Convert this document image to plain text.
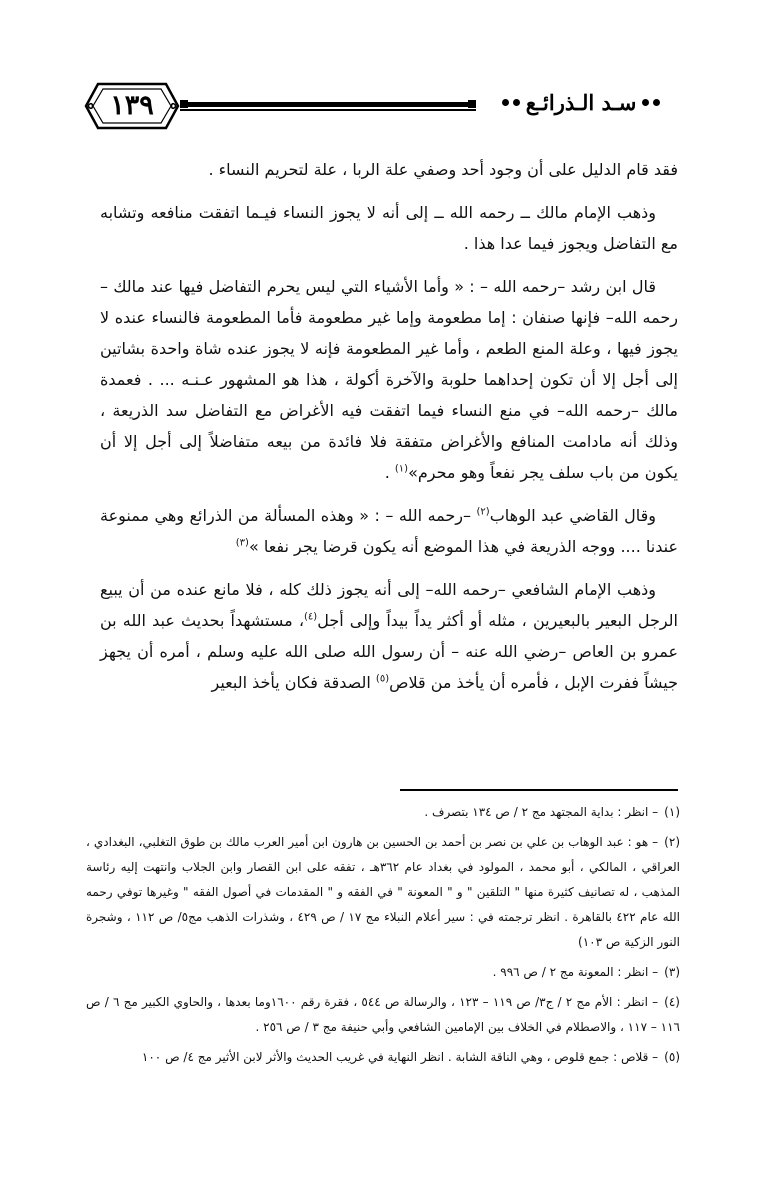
١٣٩	سـد الـذرائـع

فقد قام الدليل على أن وجود أحد وصفي علة الربا ، علة لتحريم النساء .

وذهب الإمام مالك ــ رحمه الله ــ إلى أنه لا يجوز النساء فيـما اتفقت منافعه وتشابه مع التفاضل ويجوز فيما عدا هذا .

قال ابن رشد –رحمه الله – : « وأما الأشياء التي ليس يحرم التفاضل فيها عند مالك –رحمه الله– فإنها صنفان : إما مطعومة وإما غير مطعومة فأما المطعومة فالنساء عنده لا يجوز فيها ، وعلة المنع الطعم ، وأما غير المطعومة فإنه لا يجوز عنده شاة واحدة بشاتين إلى أجل إلا أن تكون إحداهما حلوبة والآخرة أكولة ، هذا هو المشهور عـنـه ... . فعمدة مالك –رحمه الله– في منع النساء فيما اتفقت فيه الأغراض مع التفاضل سد الذريعة ، وذلك أنه مادامت المنافع والأغراض متفقة فلا فائدة من بيعه متفاضلاً إلى أجل إلا أن يكون من باب سلف يجر نفعاً وهو محرم»$^{(١)}$ .

وقال القاضي عبد الوهاب$^{(٢)}$ –رحمه الله – : « وهذه المسألة من الذرائع وهي ممنوعة عندنا .... ووجه الذريعة في هذا الموضع أنه يكون قرضا يجر نفعا »$^{(٣)}$

وذهب الإمام الشافعي –رحمه الله– إلى أنه يجوز ذلك كله ، فلا مانع عنده من أن يبيع الرجل البعير بالبعيرين ، مثله أو أكثر يداً بيداً وإلى أجل$^{(٤)}$، مستشهداً بحديث عبد الله بن عمرو بن العاص –رضي الله عنه – أن رسول الله صلى الله عليه وسلم ، أمره أن يجهز جيشاً ففرت الإبل ، فأمره أن يأخذ من قلاص$^{(٥)}$ الصدقة فكان يأخذ البعير

(١)– انظر : بداية المجتهد مج ٢ / ص ١٣٤ بتصرف .
(٢)– هو : عبد الوهاب بن علي بن نصر بن أحمد بن الحسين بن هارون ابن أمير العرب مالك بن طوق التغلبي، البغدادي ، العراقي ، المالكي ، أبو محمد ، المولود في بغداد عام ٣٦٢هـ ، تفقه على ابن القصار وابن الجلاب وانتهت إليه رئاسة المذهب ، له تصانيف كثيرة منها " التلقين " و " المعونة " في الفقه و " المقدمات في أصول الفقه " وغيرها توفي رحمه الله عام ٤٢٢ بالقاهرة . انظر ترجمته في : سير أعلام النبلاء مج ١٧ / ص ٤٢٩ ، وشذرات الذهب مج٥/ ص ١١٢ ، وشجرة النور الزكية ص ١٠٣)
(٣)– انظر : المعونة مج ٢ / ص ٩٩٦ .
(٤)– انظر : الأم مج ٢ / ج٣/ ص ١١٩ – ١٢٣ ، والرسالة ص ٥٤٤ ، فقرة رقم ١٦٠٠وما بعدها ، والحاوي الكبير مج ٦ / ص ١١٦ – ١١٧ ، والاصطلام في الخلاف بين الإمامين الشافعي وأبي حنيفة مج ٣ / ص ٢٥٦ .
(٥)– قلاص : جمع قلوص ، وهي الناقة الشابة . انظر النهاية في غريب الحديث والأثر لابن الأثير مج ٤/ ص ١٠٠
